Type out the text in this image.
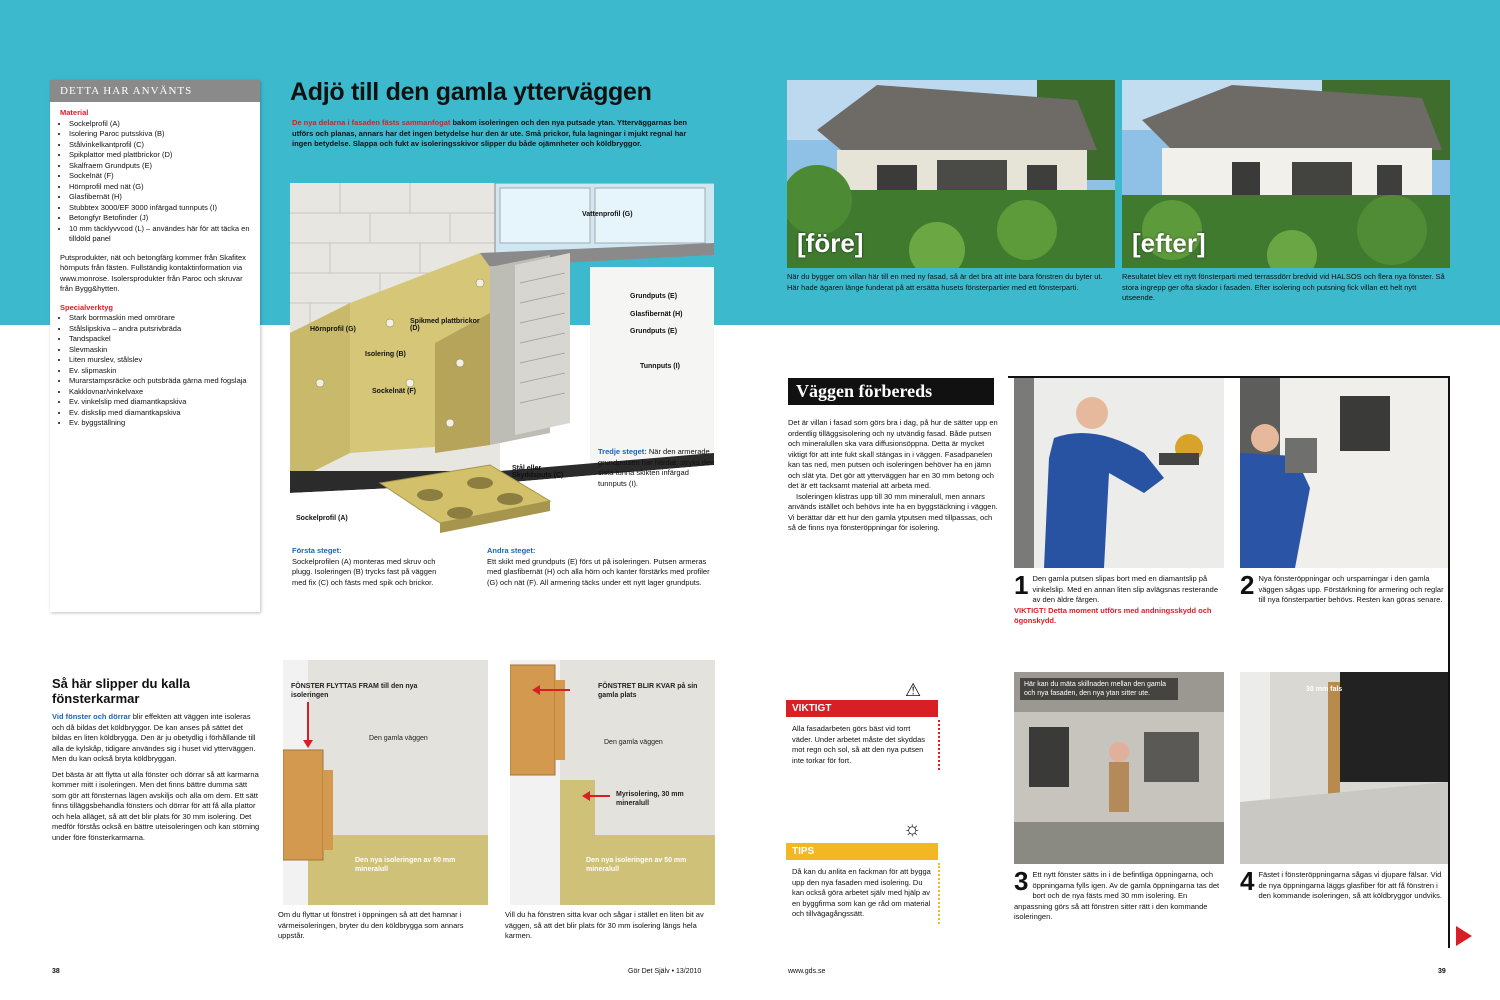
DETTA HAR ANVÄNTS
Material
• Sockelprofil (A)
• Isolering Paroc putsskiva (B)
• Stålvinkelkantprofil (C)
• Spikplattor med plattbrickor (D)
• Skalfraem Grundputs (E)
• Sockelnät (F)
• Hörnprofil med nät (G)
• Glasfibernät (H)
• Stubbtex 3000/EF 3000 infärgad tunnputs (I)
• Betongfyr Betofinder (J)
• 10 mm täcklyvvcod (L) – användes här för att täcka en tilldöld panel

Putsprodukter, nät och betongfärg kommer från Skafitex hörnputs från fästen. Fullständig kontaktinformation via www.monrose. Isolersprodukter från Paroc och skruvar från Bygg&hytten.

Specialverktyg
• Stark borrmaskin med omrörare
• Stålslipskiva – andra putsrivbräda
• Tandspackel
• Slevmaskin
• Liten murslev, stålslev
• Ev. slipmaskin
• Murarstampsräcke och putsbräda gärna med fogslaja
• Kakklovnar/vinkelvaxe
• Ev. vinkelslip med diamantkapskiva
• Ev. diskslip med diamantkapskiva
• Ev. byggställning
Adjö till den gamla ytterväggen
De nya delarna i fasaden fästs sammanfogat bakom isoleringen och den nya putsade ytan. Ytterväggarnas ben utförs och planas, annars har det ingen betydelse hur den är ute. Små prickor, fula lagningar i mjukt regnal har ingen betydelse. Slappa och fukt av isoleringsskivor slipper du både ojämnheter och köldbryggor.
Vattenprofil (G)
Grundputs (E)
Glasfibernät (H)
Grundputs (E)
Tunnputs (I)
Hörnprofil (G)
Spikmed plattbrickor (D)
Isolering (B)
Sockelnät (F)
Stål eller Skyddsputs (C)
Sockelprofil (A)
Tredje steget: När den armerade grundputsen har härdat, stryks den sista tunna skikten infärgad tunnputs (I).
Första steget:
Sockelprofilen (A) monteras med skruv och plugg. Isoleringen (B) trycks fast på väggen med fix (C) och fästs med spik och brickor.
Andra steget:
Ett skikt med grundputs (E) förs ut på isoleringen. Putsen armeras med glasfibernät (H) och alla hörn och kanter förstärks med profiler (G) och nät (F). All armering täcks under ett nytt lager grundputs.
Så här slipper du kalla fönsterkarmar

Vid fönster och dörrar blir effekten att väggen inte isoleras och då bildas det köldbryggor. De kan anses på sättet det bildas en liten köldbrygga. Den är ju obetydlig i förhållande till alla de kylskåp, tidigare användes sig i huset vid ytterväggen. Men du kan också bryta köldbryggan.

Det bästa är att flytta ut alla fönster och dörrar så att karmarna kommer mitt i isoleringen. Men det finns bättre dumma sätt som gör att fönsternas lägen avskiljs och alla om dem. Ett sätt finns tilläggsbehandla fönsters och dörrar för att få alla plattor och hela alläget, så att det blir plats för 30 mm isolering. Det medför förstås också en bättre uteisoleringen och kan störning under före fönsterkarmarna.

FÖNSTER FLYTTAS FRAM till den nya isoleringen
Den gamla väggen
Den nya isoleringen av 50 mm mineralull
Om du flyttar ut fönstret i öppningen så att det hamnar i värmeisoleringen, bryter du den köldbrygga som annars uppstår.
FÖNSTRET BLIR KVAR på sin gamla plats
Den gamla väggen
Myrisolering, 30 mm mineralull
Den nya isoleringen av 50 mm mineralull
Vill du ha fönstren sitta kvar och sågar i stället en liten bit av väggen, så att det blir plats för 30 mm isolering längs hela karmen.
[före]	[efter]
När du bygger om villan här till en med ny fasad, så är det bra att inte bara fönstren du byter ut. Här hade ägaren länge funderat på att ersätta husets fönsterpartier med ett fönsterparti.
Resultatet blev ett nytt fönsterparti med terrassdörr bredvid vid HALSOS och flera nya fönster. Så stora ingrepp ger ofta skador i fasaden. Efter isolering och putsning fick villan ett helt nytt utseende.
Väggen förbereds

Det är villan i fasad som görs bra i dag, på hur de sätter upp en ordentlig tilläggsisolering och ny utvändig fasad. Både putsen och mineralullen ska vara diffusionsöppna. Detta är mycket viktigt för att inte fukt skall stängas in i väggen. Fasadpanelen kan tas ned, men putsen och isoleringen behöver ha en jämn och slät yta. Det gör att ytterväggen har en 30 mm betong och det är ett tacksamt material att arbeta med.

Isoleringen klistras upp till 30 mm mineralull, men annars används istället och behövs inte ha en byggstäckning i väggen. Vi berättar där ett hur den gamla ytputsen med tillpassas, och så de finns nya fönsteröppningar för isolering.

1 Den gamla putsen slipas bort med en diamantslip på vinkelslip. Med en annan liten slip avlägsnas resterande av den äldre färgen.
VIKTIGT! Detta moment utförs med andningsskydd och ögonskydd.
2 Nya fönsteröppningar och ursparningar i den gamla väggen sågas upp. Förstärkning för armering och reglar till nya fönsterpartier behövs. Resten kan göras senare.
Här kan du mäta skillnaden mellan den gamla och nya fasaden, den nya ytan sitter ute.
30 mm fals
3 Ett nytt fönster sätts in i de befintliga öppningarna, och öppningarna fylls igen. Av de gamla öppningarna tas det bort och de nya fästs med 30 mm isolering. En anpassning görs så att fönstren sitter rätt i den kommande isoleringen.
4 Fästet i fönsteröppningarna sågas vi djupare fälsar. Vid de nya öppningarna läggs glasfiber för att få fönstren i den kommande isoleringen, så att köldbryggor undviks.
VIKTIGT
⚠
Alla fasadarbeten görs bäst vid torrt väder. Under arbetet måste det skyddas mot regn och sol, så att den nya putsen inte torkar för fort.
TIPS
☼
Då kan du anlita en fackman för att bygga upp den nya fasaden med isolering. Du kan också göra arbetet själv med hjälp av en byggfirma som kan ge råd om material och tillvägagångssätt.
38	Gör Det Själv • 13/2010	www.gds.se	39
